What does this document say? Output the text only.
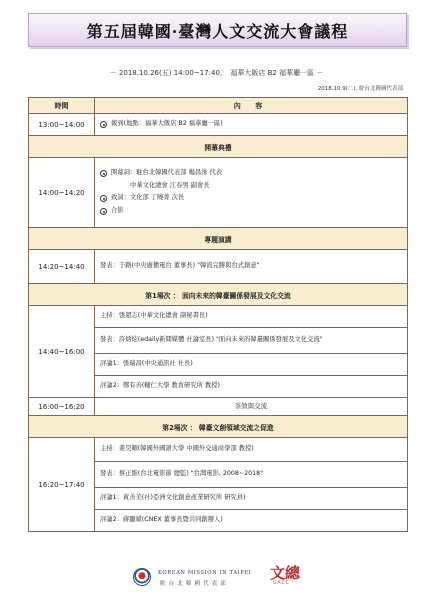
第五屆韓國·臺灣人文交流大會議程
－ 2018.10.26(五) 14:00~17:40, 福華大飯店 B2 福華廳一區 －
2018.10.9(二), 駐台北韓國代表部
時間	內 容
13:00~14:00	報到(地點：福華大飯店 B2 福華廳一區)

開幕典禮	
14:00~14:20	開幕詞： 駐台北韓國代表部 楊昌洙 代表
中華文化總會 江春男 副會長
致詞：文化部 丁曉菁 次長
合影

專題演講	
14:20~14:40	發表：于路(中央廣播電台 董事長) "韓流完勝與台式創意"
第1場次 ： 面向未來的韓臺關係發展及文化交流	
14:40~16:00	主持：張超志(中華文化總會 副秘書長)
	發表：許炳炫(edaily新聞媒體 社論室長) "面向未來的韓臺關係發展及文化交流"
	評論1：張瑞昌(中央通訊社 社長)
	評論2：鄭有善(輔仁大學 教育研究所 教授)
16:00~16:20	茶敘與交流
第2場次 ： 韓臺文創領域交流之促進	
16:20~17:40	主持：姜昊順(韓國外國語大學 中國外交通商學部 教授)
	發表：蔡正維(台北電影節 總監) "台灣電影, 2008~2018"
	評論1：黃善美(社)亞洲文化創意產業研究所 研究員)
	評論2：蔣顯斌(CNEX 董事長暨共同創辦人)
KOREAN MISSION IN TAIPEI
駐台北韓國代表部
文總
GACC
